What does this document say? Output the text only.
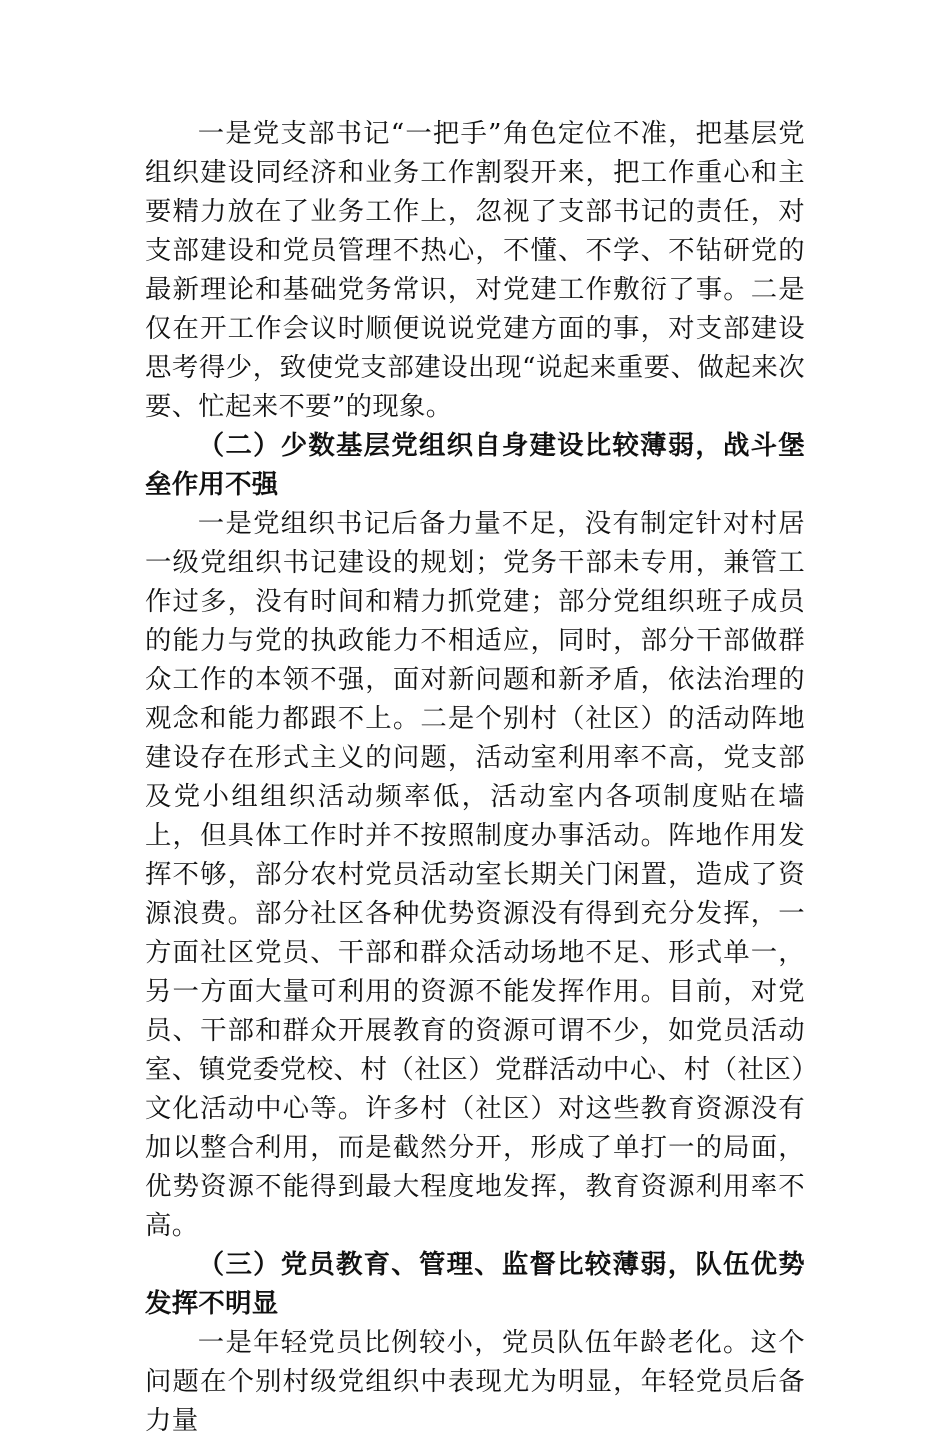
一是党支部书记“一把手”角色定位不准，把基层党组织建设同经济和业务工作割裂开来，把工作重心和主要精力放在了业务工作上，忽视了支部书记的责任，对支部建设和党员管理不热心，不懂、不学、不钻研党的最新理论和基础党务常识，对党建工作敷衍了事。二是仅在开工作会议时顺便说说党建方面的事，对支部建设思考得少，致使党支部建设出现“说起来重要、做起来次要、忙起来不要”的现象。

（二）少数基层党组织自身建设比较薄弱，战斗堡垒作用不强

一是党组织书记后备力量不足，没有制定针对村居一级党组织书记建设的规划；党务干部未专用，兼管工作过多，没有时间和精力抓党建；部分党组织班子成员的能力与党的执政能力不相适应，同时，部分干部做群众工作的本领不强，面对新问题和新矛盾，依法治理的观念和能力都跟不上。二是个别村（社区）的活动阵地建设存在形式主义的问题，活动室利用率不高，党支部及党小组组织活动频率低，活动室内各项制度贴在墙上，但具体工作时并不按照制度办事活动。阵地作用发挥不够，部分农村党员活动室长期关门闲置，造成了资源浪费。部分社区各种优势资源没有得到充分发挥，一方面社区党员、干部和群众活动场地不足、形式单一，另一方面大量可利用的资源不能发挥作用。目前，对党员、干部和群众开展教育的资源可谓不少，如党员活动室、镇党委党校、村（社区）党群活动中心、村（社区）文化活动中心等。许多村（社区）对这些教育资源没有加以整合利用，而是截然分开，形成了单打一的局面，优势资源不能得到最大程度地发挥，教育资源利用率不高。

（三）党员教育、管理、监督比较薄弱，队伍优势发挥不明显

一是年轻党员比例较小，党员队伍年龄老化。这个问题在个别村级党组织中表现尤为明显，年轻党员后备力量
